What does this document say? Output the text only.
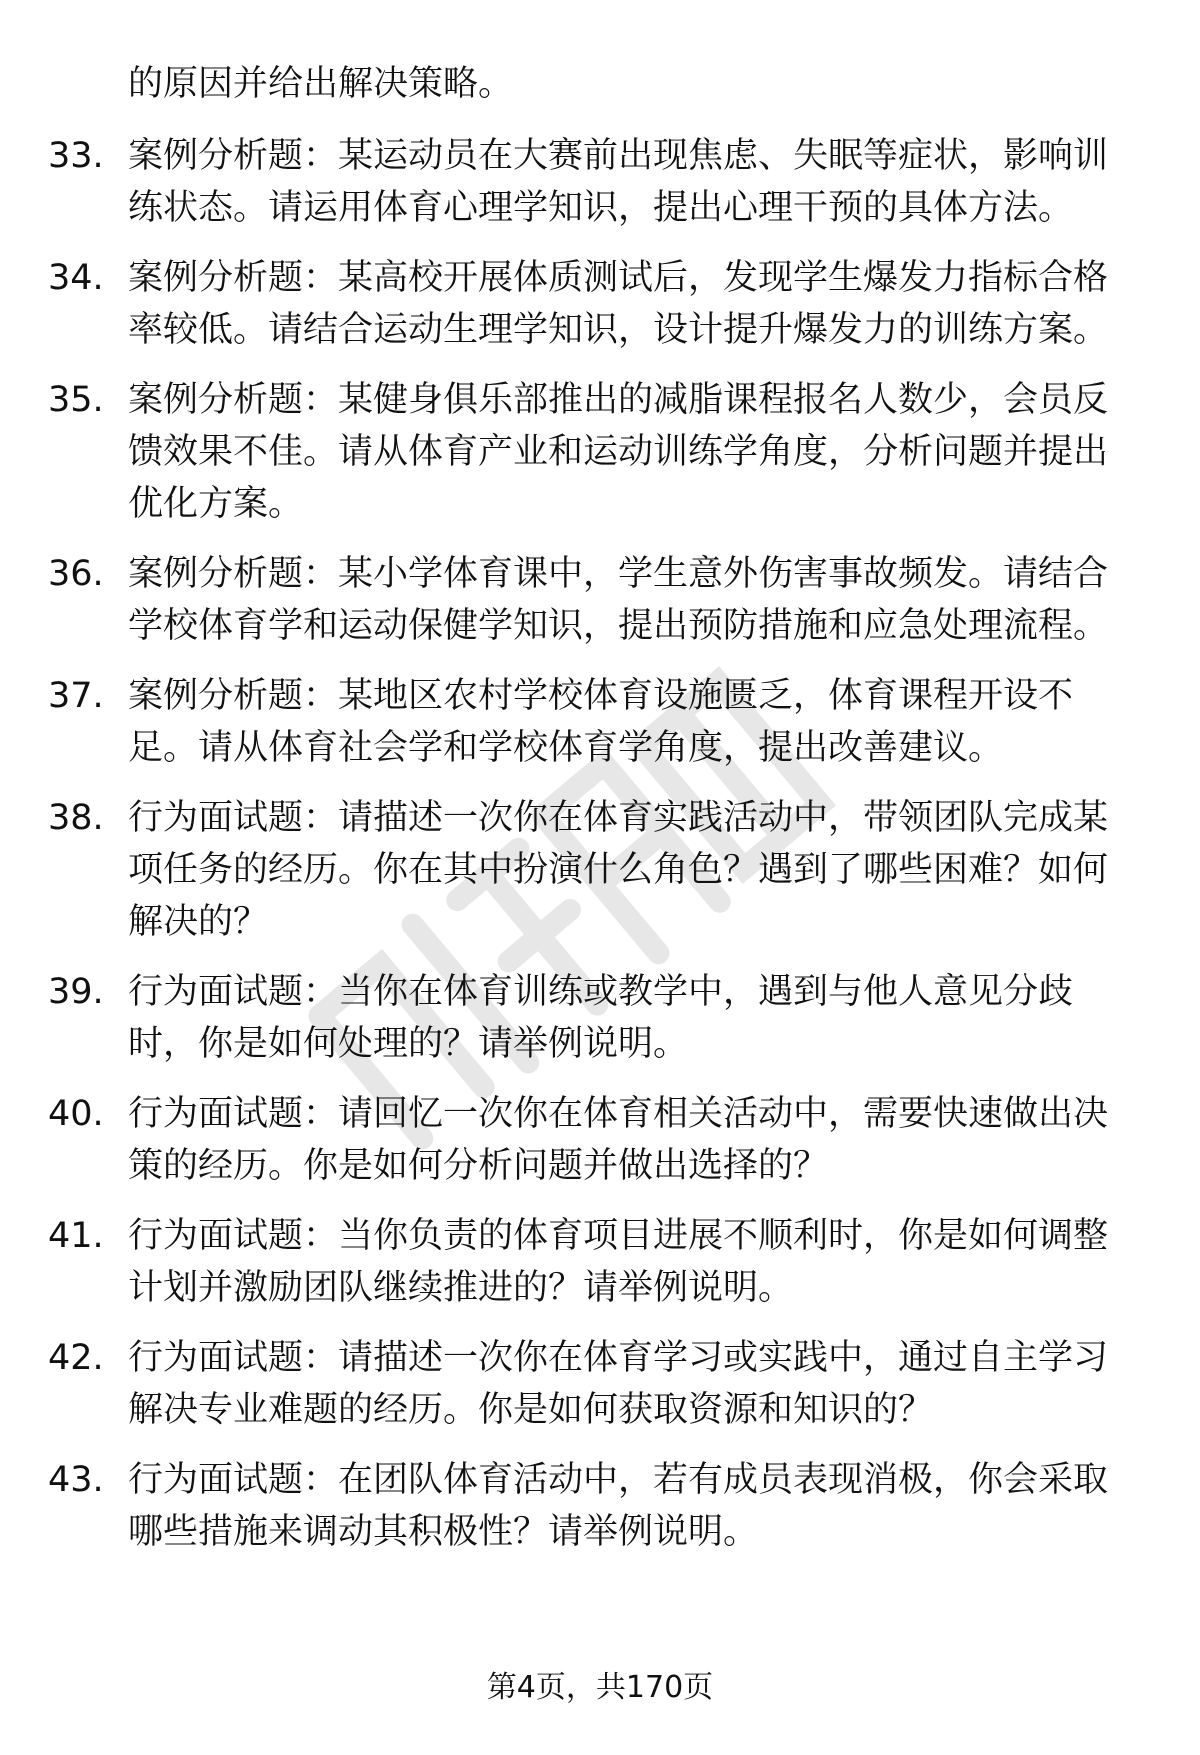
的原因并给出解决策略。
33. 案例分析题：某运动员在大赛前出现焦虑、失眠等症状，影响训
练状态。请运用体育心理学知识，提出心理干预的具体方法。
34. 案例分析题：某高校开展体质测试后，发现学生爆发力指标合格
率较低。请结合运动生理学知识，设计提升爆发力的训练方案。
35. 案例分析题：某健身俱乐部推出的减脂课程报名人数少，会员反
馈效果不佳。请从体育产业和运动训练学角度，分析问题并提出
优化方案。
36. 案例分析题：某小学体育课中，学生意外伤害事故频发。请结合
学校体育学和运动保健学知识，提出预防措施和应急处理流程。
37. 案例分析题：某地区农村学校体育设施匮乏，体育课程开设不
足。请从体育社会学和学校体育学角度，提出改善建议。
38. 行为面试题：请描述一次你在体育实践活动中，带领团队完成某
项任务的经历。你在其中扮演什么角色？遇到了哪些困难？如何
解决的？
39. 行为面试题：当你在体育训练或教学中，遇到与他人意见分歧
时，你是如何处理的？请举例说明。
40. 行为面试题：请回忆一次你在体育相关活动中，需要快速做出决
策的经历。你是如何分析问题并做出选择的？
41. 行为面试题：当你负责的体育项目进展不顺利时，你是如何调整
计划并激励团队继续推进的？请举例说明。
42. 行为面试题：请描述一次你在体育学习或实践中，通过自主学习
解决专业难题的经历。你是如何获取资源和知识的？
43. 行为面试题：在团队体育活动中，若有成员表现消极，你会采取
哪些措施来调动其积极性？请举例说明。
第4页，共170页
